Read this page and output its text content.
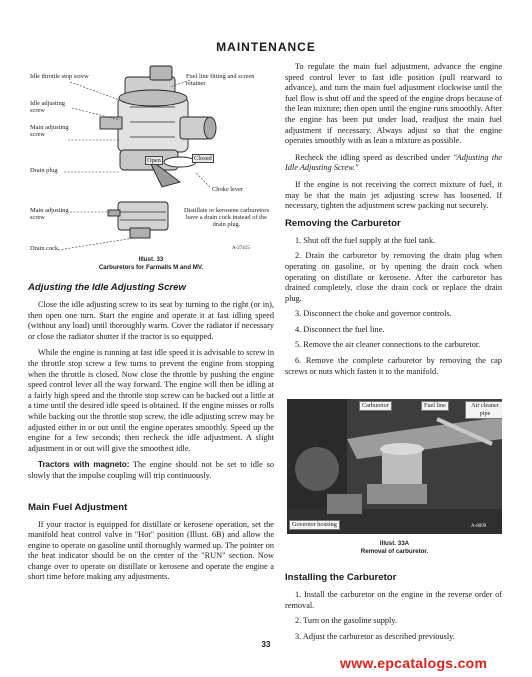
MAINTENANCE
Idle throttle stop screw	Fuel line fitting and screen retainer
Idle adjusting screw
Main adjusting screw
Drain plug
Open	Closed
Choke lever
Main adjusting screw
Distillate or kerosene carburetors have a drain cock instead of the drain plug.
Drain cock	A-27415
Illust. 33
Carburetors for Farmalls M and MV.
Adjusting the Idle Adjusting Screw

Close the idle adjusting screw to its seat by turning to the right (or in), then open one turn. Start the engine and operate it at fast idling speed (without any load) until thoroughly warm. Cover the radiator if necessary or close the radiator shutter if the tractor is so equipped.

While the engine is running at fast idle speed it is advisable to screw in the throttle stop screw a few turns to prevent the engine from stopping when the throttle is closed. Now close the throttle by pushing the engine speed control lever all the way forward. The engine will then be idling at a fairly high speed and the throttle stop screw can be backed out a little at a time until the desired idle speed is obtained. If the engine misses or rolls while backing out the throttle stop screw, the idle adjusting screw may be adjusted either in or out until the engine operates smoothly. Speed up the engine for a few seconds; then recheck the idle adjustment. A slight adjustment in or out will give the smoothest idle.

Tractors with magneto: The engine should not be set to idle so slowly that the impulse coupling will trip continuously.

Main Fuel Adjustment

If your tractor is equipped for distillate or kerosene operation, set the manifold heat control valve in "Hot" position (Illust. 6B) and allow the engine to operate on gasoline until thoroughly warmed up. The pointer on the heat indicator should be on the center of the "RUN" section. Now change over to operate on distillate or kerosene and operate the engine a short time before making any adjustments.

To regulate the main fuel adjustment, advance the engine speed control lever to fast idle position (pull rearward to advance), and turn the main fuel adjustment clockwise until the fuel flow is shut off and the speed of the engine drops because of the lean mixture; then open until the engine runs smoothly. After the engine has been put under load, readjust the main fuel adjustment if necessary. Always adjust so that the engine operates smoothly with as lean a mixture as possible.

Recheck the idling speed as described under "Adjusting the Idle Adjusting Screw."

If the engine is not receiving the correct mixture of fuel, it may be that the main jet adjusting screw has loosened. If necessary, tighten the adjustment screw packing nut securely.

Removing the Carburetor

1. Shut off the fuel supply at the fuel tank.

2. Drain the carburetor by removing the drain plug when operating on gasoline, or by opening the drain cock when operating on distillate or kerosene. After the carburetor has drained completely, close the drain cock or replace the drain plug.

3. Disconnect the choke and governor controls.

4. Disconnect the fuel line.

5. Remove the air cleaner connections to the carburetor.

6. Remove the complete carburetor by removing the cap screws or nuts which fasten it to the manifold.

Carburetor	Fuel line	Air cleaner pipe
Governor housing	A-8099
Illust. 33A
Removal of carburetor.
Installing the Carburetor

1. Install the carburetor on the engine in the reverse order of removal.

2. Turn on the gasoline supply.

3. Adjust the carburetor as described previously.

33
www.epcatalogs.com
